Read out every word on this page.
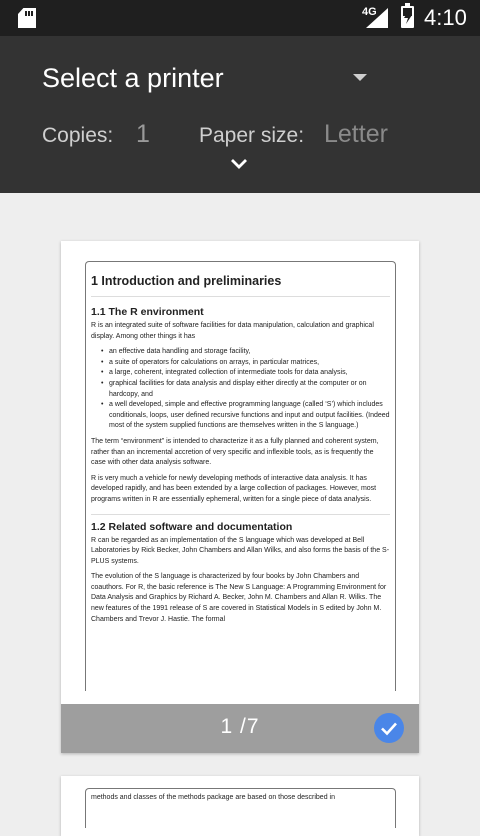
4G 4:10
Select a printer
Copies: 1 Paper size: Letter
1 Introduction and preliminaries
1.1 The R environment

R is an integrated suite of software facilities for data manipulation, calculation and graphical display. Among other things it has

• an effective data handling and storage facility,
• a suite of operators for calculations on arrays, in particular matrices,
• a large, coherent, integrated collection of intermediate tools for data analysis,
• graphical facilities for data analysis and display either directly at the computer or on hardcopy, and
• a well developed, simple and effective programming language (called ‘S’) which includes conditionals, loops, user defined recursive functions and input and output facilities. (Indeed most of the system supplied functions are themselves written in the S language.)

The term “environment” is intended to characterize it as a fully planned and coherent system, rather than an incremental accretion of very specific and inflexible tools, as is frequently the case with other data analysis software.

R is very much a vehicle for newly developing methods of interactive data analysis. It has developed rapidly, and has been extended by a large collection of packages. However, most programs written in R are essentially ephemeral, written for a single piece of data analysis.

1.2 Related software and documentation

R can be regarded as an implementation of the S language which was developed at Bell Laboratories by Rick Becker, John Chambers and Allan Wilks, and also forms the basis of the S-PLUS systems.

The evolution of the S language is characterized by four books by John Chambers and coauthors. For R, the basic reference is The New S Language: A Programming Environment for Data Analysis and Graphics by Richard A. Becker, John M. Chambers and Allan R. Wilks. The new features of the 1991 release of S are covered in Statistical Models in S edited by John M. Chambers and Trevor J. Hastie. The formal

1 /7
methods and classes of the methods package are based on those described in
